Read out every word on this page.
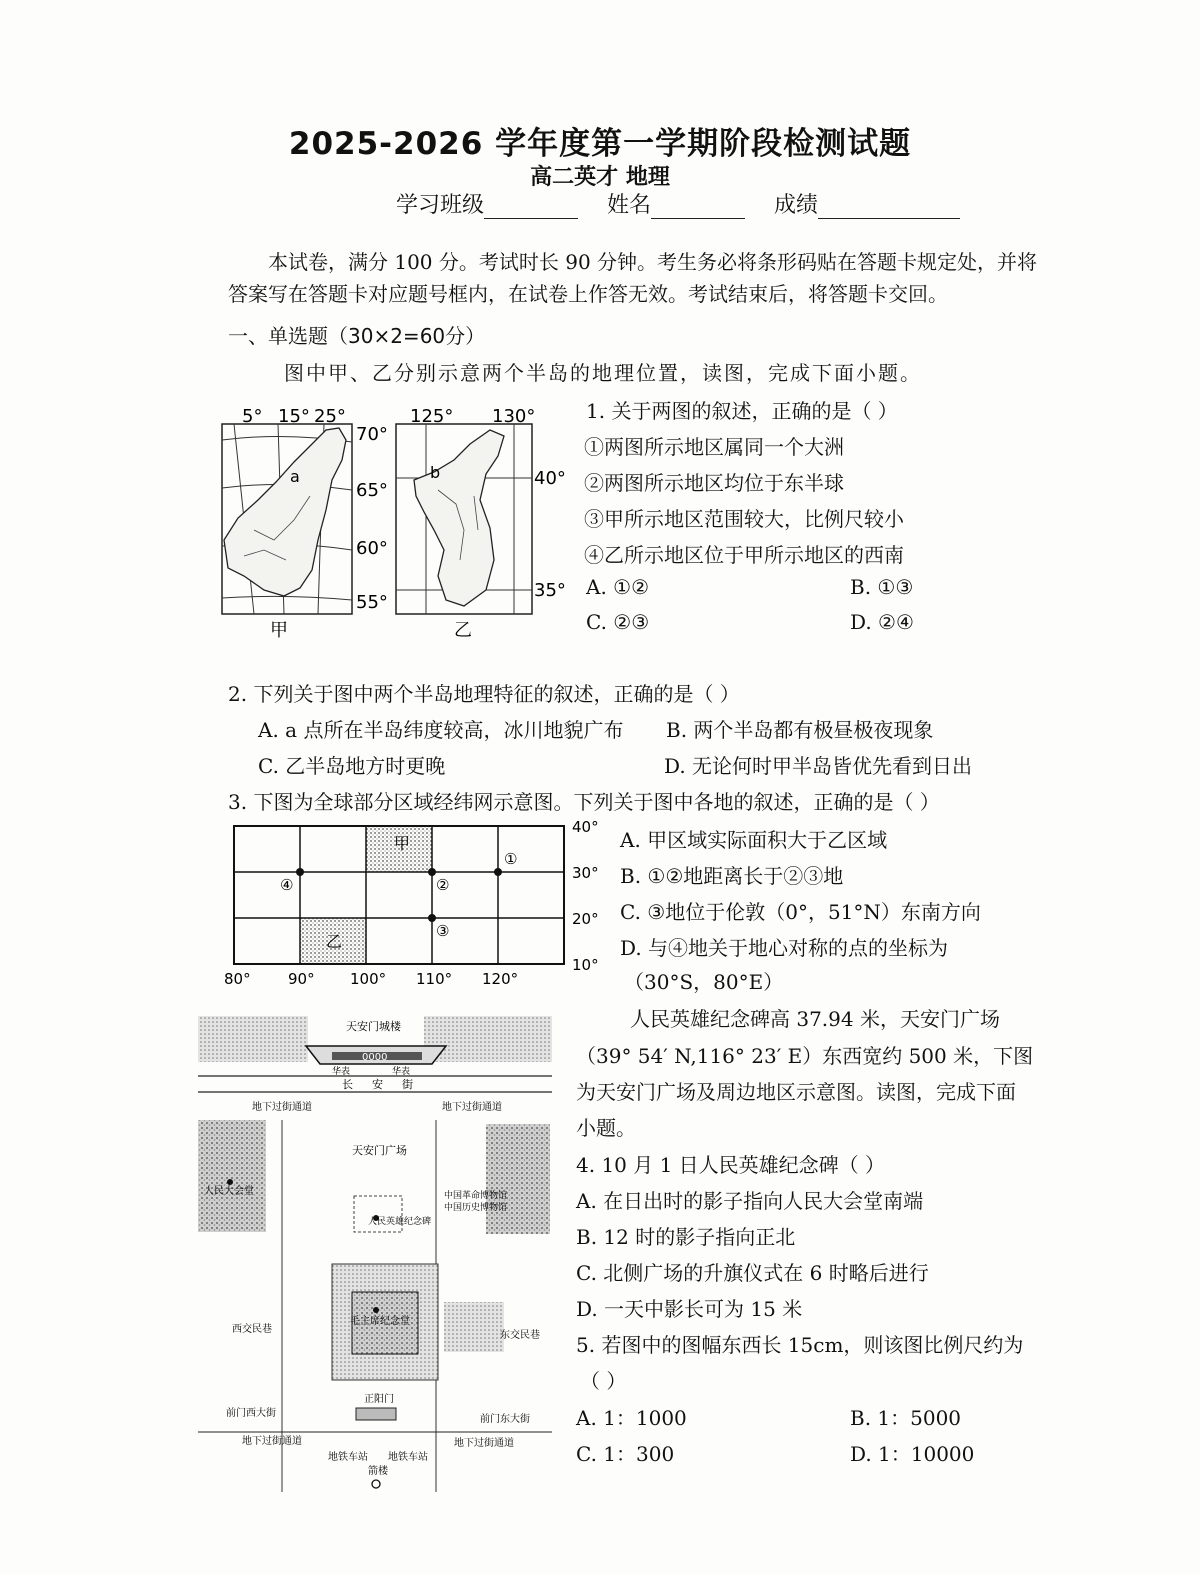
2025-2026 学年度第一学期阶段检测试题
高二英才 地理
学习班级	姓名	成绩
本试卷，满分 100 分。考试时长 90 分钟。考生务必将条形码贴在答题卡规定处，并将
答案写在答题卡对应题号框内，在试卷上作答无效。考试结束后，将答题卡交回。
一、单选题（30×2=60分）
图中甲、乙分别示意两个半岛的地理位置，读图，完成下面小题。
5° 15° 25°
a
70°
65°
60°
55°
甲
125° 130°
b	40°
35°
乙
1. 关于两图的叙述，正确的是（ ）
①两图所示地区属同一个大洲
②两图所示地区均位于东半球
③甲所示地区范围较大，比例尺较小
④乙所示地区位于甲所示地区的西南
A. ①②	B. ①③
C. ②③	D. ②④
2. 下列关于图中两个半岛地理特征的叙述，正确的是（ ）
A. a 点所在半岛纬度较高，冰川地貌广布 B. 两个半岛都有极昼极夜现象
C. 乙半岛地方时更晚	D. 无论何时甲半岛皆优先看到日出
3. 下图为全球部分区域经纬网示意图。下列关于图中各地的叙述，正确的是（ ）
甲
乙
①
②
③
④
40°
30°
20°
10°
80° 90° 100° 110° 120°
A. 甲区域实际面积大于乙区域
B. ①②地距离长于②③地
C. ③地位于伦敦（0°，51°N）东南方向
D. 与④地关于地心对称的点的坐标为
（30°S，80°E）
人民英雄纪念碑高 37.94 米，天安门广场
（39° 54′ N,116° 23′ E）东西宽约 500 米，下图
为天安门广场及周边地区示意图。读图，完成下面
小题。
4. 10 月 1 日人民英雄纪念碑（ ）
A. 在日出时的影子指向人民大会堂南端
B. 12 时的影子指向正北
C. 北侧广场的升旗仪式在 6 时略后进行
D. 一天中影长可为 15 米
5. 若图中的图幅东西长 15cm，则该图比例尺约为
（ ）
A. 1：1000	B. 1：5000
C. 1：300	D. 1：10000
天安门城楼
0000
华表	华表
长 安 街
地下过街通道	地下过街通道
人民大会堂	中国革命博物馆
中国历史博物馆
天安门广场
人民英雄纪念碑
毛主席纪念堂
西交民巷
东交民巷
正阳门
前门西大街
前门东大街
地下过街通道	地下过街通道
地铁车站 地铁车站
箭楼
